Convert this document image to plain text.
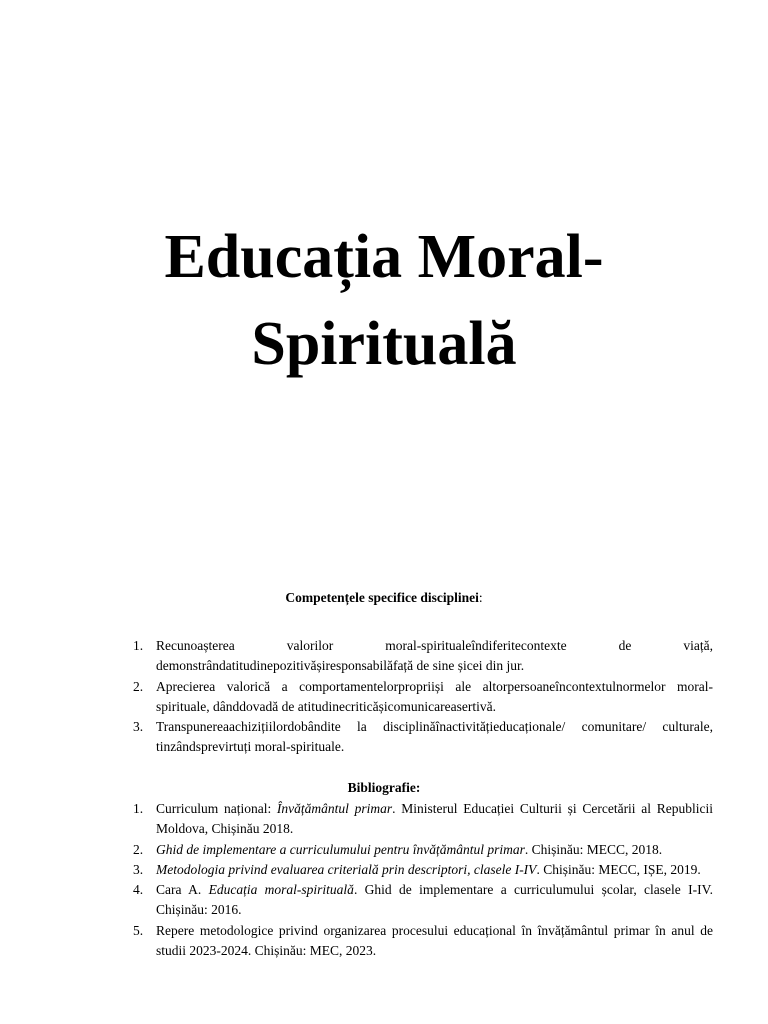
Educația Moral-
Spirituală
Competențele specifice disciplinei:
1. Recunoașterea valorilor moral-spiritualeîndiferitecontexte de viață, demonstrândatitudinepozitivășiresponsabilăfață de sine șicei din jur.
2. Aprecierea valorică a comportamentelorpropriiși ale altorpersoaneîncontextulnormelor moral-spirituale, dânddovadă de atitudinecriticășicomunicareasertivă.
3. Transpunereaachizițiilordobândite la disciplinăînactivitățieducaționale/ comunitare/ culturale, tinzândsprevirtuți moral-spirituale.
Bibliografie:
1. Curriculum național: Învățământul primar. Ministerul Educației Culturii și Cercetării al Republicii Moldova, Chișinău 2018.
2. Ghid de implementare a curriculumului pentru învățământul primar. Chișinău: MECC, 2018.
3. Metodologia privind evaluarea criterială prin descriptori, clasele I-IV. Chișinău: MECC, IȘE, 2019.
4. Cara A. Educația moral-spirituală. Ghid de implementare a curriculumului școlar, clasele I-IV. Chișinău: 2016.
5. Repere metodologice privind organizarea procesului educațional în învățământul primar în anul de studii 2023-2024. Chișinău: MEC, 2023.
